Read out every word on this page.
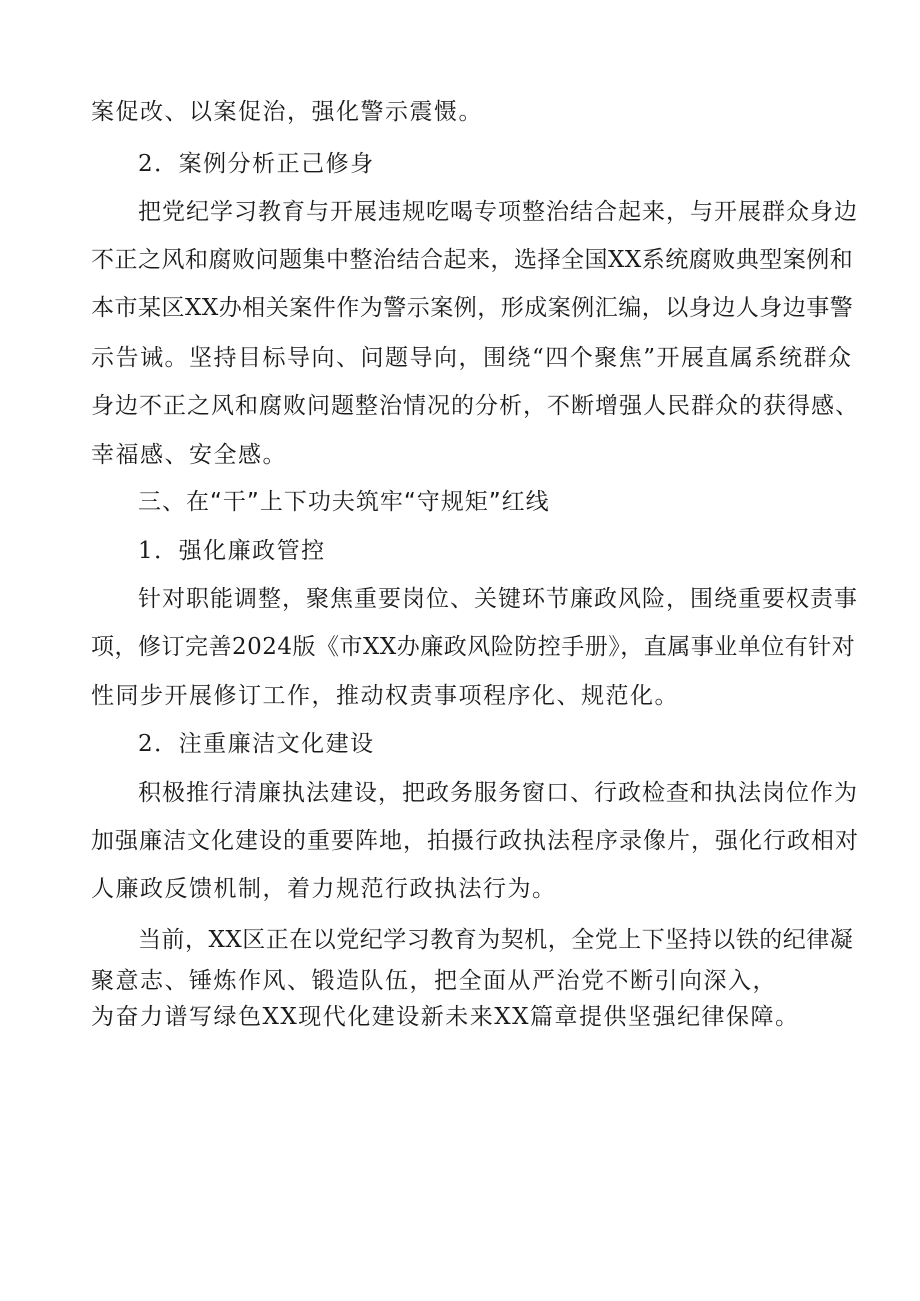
案促改、以案促治，强化警示震慑。
2．案例分析正己修身
把党纪学习教育与开展违规吃喝专项整治结合起来，与开展群众身边
不正之风和腐败问题集中整治结合起来，选择全国XX系统腐败典型案例和
本市某区XX办相关案件作为警示案例，形成案例汇编，以身边人身边事警
示告诫。坚持目标导向、问题导向，围绕“四个聚焦”开展直属系统群众
身边不正之风和腐败问题整治情况的分析，不断增强人民群众的获得感、
幸福感、安全感。
三、在“干”上下功夫筑牢“守规矩”红线
1．强化廉政管控
针对职能调整，聚焦重要岗位、关键环节廉政风险，围绕重要权责事
项，修订完善2024版《市XX办廉政风险防控手册》，直属事业单位有针对
性同步开展修订工作，推动权责事项程序化、规范化。
2．注重廉洁文化建设
积极推行清廉执法建设，把政务服务窗口、行政检查和执法岗位作为
加强廉洁文化建设的重要阵地，拍摄行政执法程序录像片，强化行政相对
人廉政反馈机制，着力规范行政执法行为。
当前，XX区正在以党纪学习教育为契机，全党上下坚持以铁的纪律凝
聚意志、锤炼作风、锻造队伍，把全面从严治党不断引向深入，
为奋力谱写绿色XX现代化建设新未来XX篇章提供坚强纪律保障。
